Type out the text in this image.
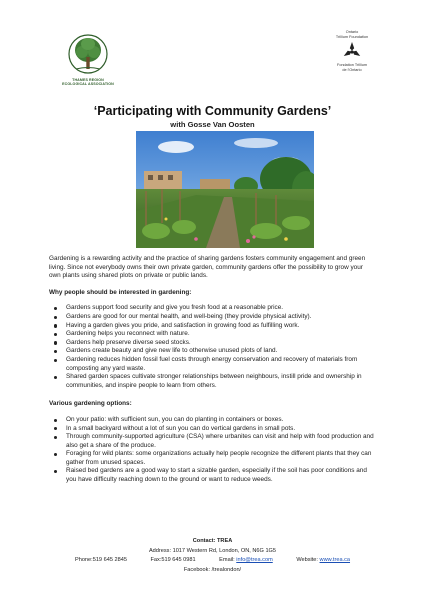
THAMES REGION ECOLOGICAL ASSOCIATION
Ontario
Trillium Foundation
Fondation Trillium
de l'Ontario
‘Participating with Community Gardens’
with Gosse Van Oosten

Gardening is a rewarding activity and the practice of sharing gardens fosters community engagement and green living. Since not everybody owns their own private garden, community gardens offer the possibility to grow your own plants using shared plots on private or public lands.

Why people should be interested in gardening:

Gardens support food security and give you fresh food at a reasonable price.
Gardens are good for our mental health, and well-being (they provide physical activity).
Having a garden gives you pride, and satisfaction in growing food as fulfilling work.
Gardening helps you reconnect with nature.
Gardens help preserve diverse seed stocks.
Gardens create beauty and give new life to otherwise unused plots of land.
Gardening reduces hidden fossil fuel costs through energy conservation and recovery of materials from composting any yard waste.
Shared garden spaces cultivate stronger relationships between neighbours, instill pride and ownership in communities, and inspire people to learn from others.

Various gardening options:

On your patio: with sufficient sun, you can do planting in containers or boxes.
In a small backyard without a lot of sun you can do vertical gardens in small pots.
Through community-supported agriculture (CSA) where urbanites can visit and help with food production and also get a share of the produce.
Foraging for wild plants: some organizations actually help people recognize the different plants that they can gather from unused spaces.
Raised bed gardens are a good way to start a sizable garden, especially if the soil has poor conditions and you have difficulty reaching down to the ground or want to reduce weeds.
Contact: TREA
Address: 1017 Western Rd, London, ON, N6G 1G5
Phone:519 645 2845	Fax:519 645 0981	Email: info@trea.com	Website: www.trea.ca
Facebook: /trealondon/
